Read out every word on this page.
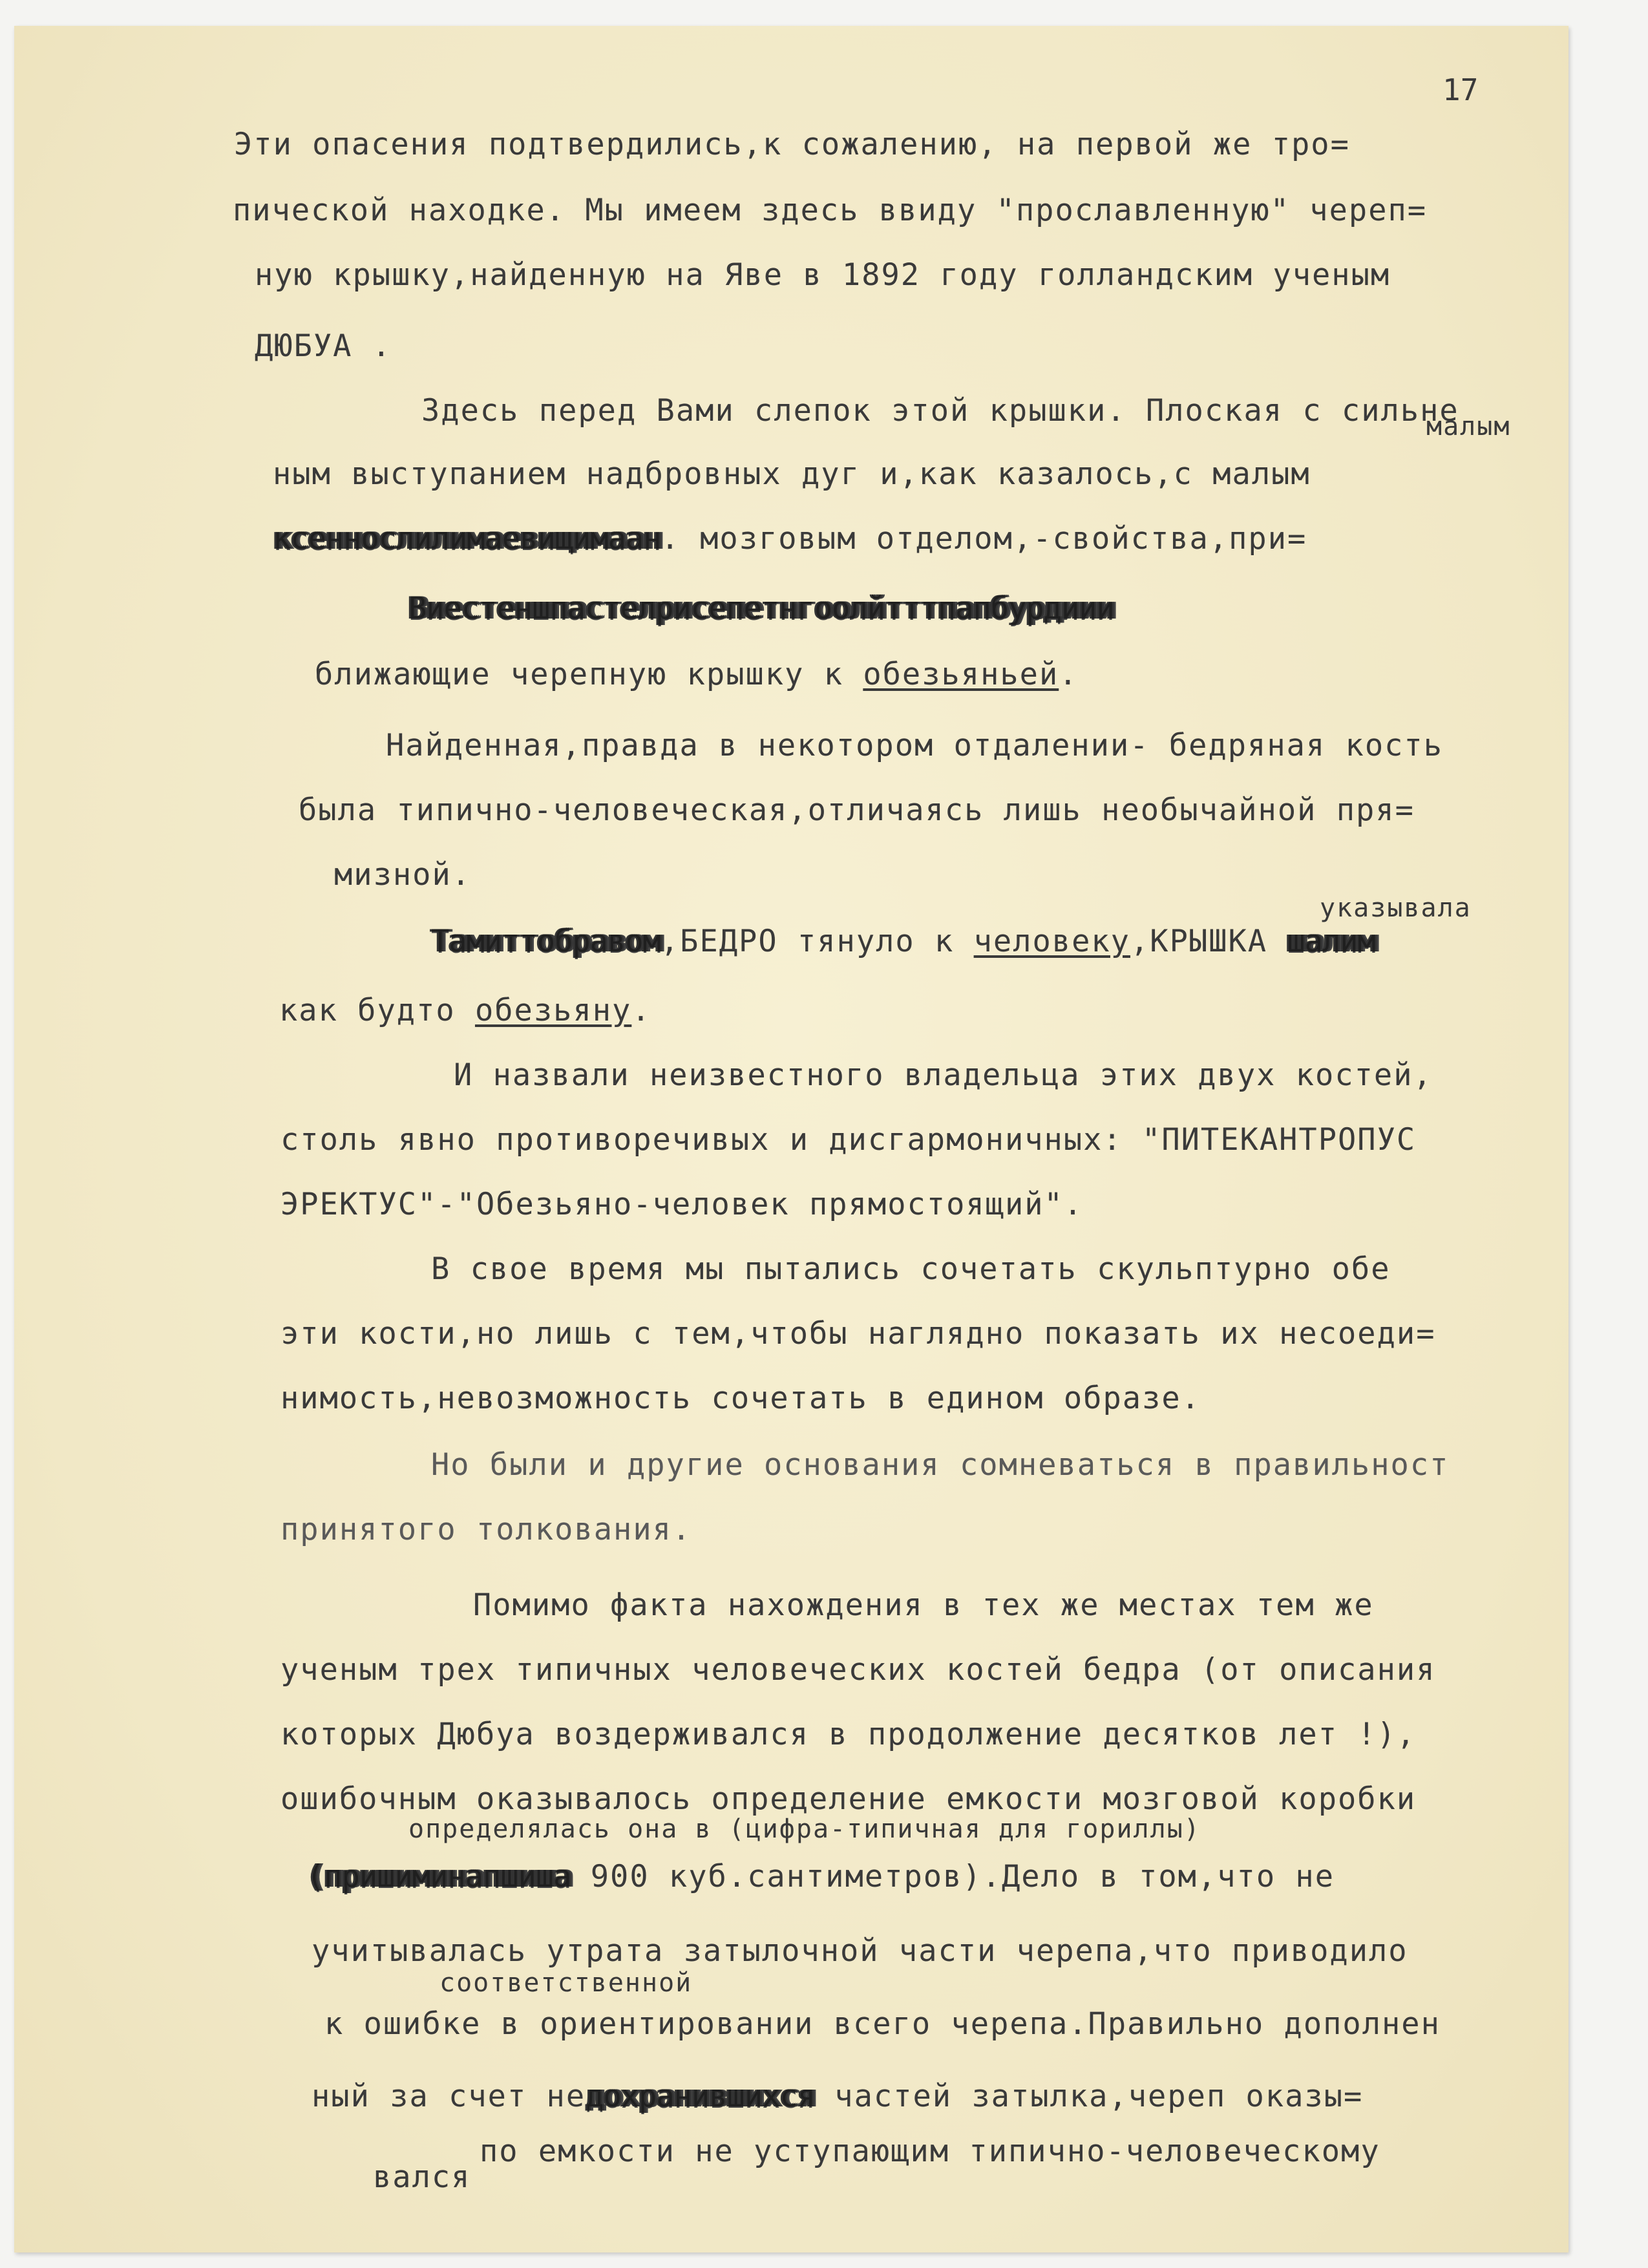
17
Эти опасения подтвердились,к сожалению, на первой же тро=
пической находке. Мы имеем здесь ввиду "прославленную" череп=
ную крышку,найденную на Яве в 1892 году голландским ученым
ДЮБУА .
Здесь перед Вами слепок этой крышки. Плоская с сильне
малым
ным выступанием надбровных дуг и,как казалось,с малым
ксеннослилимаевищимаан. мозговым отделом,-свойства,при=
Виестеншпастелрисепетнгоолйтттпапбурдиии
ближающие черепную крышку к обезьяньей.
Найденная,правда в некотором отдалении- бедряная кость
была типично-человеческая,отличаясь лишь необычайной пря=
мизной.
указывала
Тамиттобравом,БЕДРО тянуло к человеку,КРЫШКА шалим
как будто обезьяну.
И назвали неизвестного владельца этих двух костей,
столь явно противоречивых и дисгармоничных: "ПИТЕКАНТРОПУС
ЭРЕКТУС"-"Обезьяно-человек прямостоящий".
В свое время мы пытались сочетать скульптурно обе
эти кости,но лишь с тем,чтобы наглядно показать их несоеди=
нимость,невозможность сочетать в едином образе.
Но были и другие основания сомневаться в правильност
принятого толкования.
Помимо факта нахождения в тех же местах тем же
ученым трех типичных человеческих костей бедра (от описания
которых Дюбуа воздерживался в продолжение десятков лет !),
ошибочным оказывалось определение емкости мозговой коробки
определялась она в (цифра-типичная для гориллы)
(пришиминапшиша 900 куб.сантиметров).Дело в том,что не
учитывалась утрата затылочной части черепа,что приводило
соответственной
к ошибке в ориентировании всего черепа.Правильно дополнен
ный за счет недохранившихся частей затылка,череп оказы=
вался
по емкости не уступающим типично-человеческому
